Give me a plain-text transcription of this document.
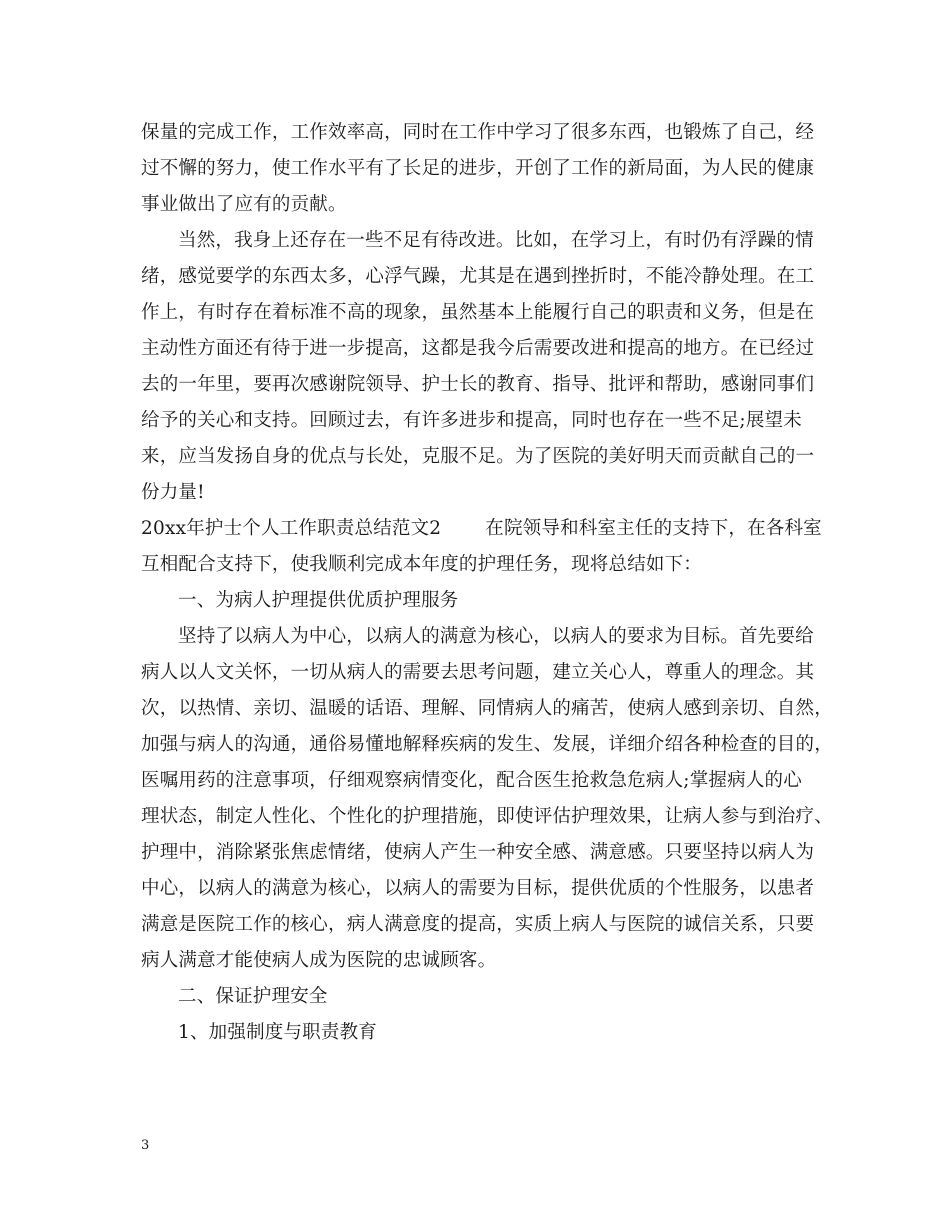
保量的完成工作，工作效率高，同时在工作中学习了很多东西，也锻炼了自己，经
过不懈的努力，使工作水平有了长足的进步，开创了工作的新局面，为人民的健康
事业做出了应有的贡献。
当然，我身上还存在一些不足有待改进。比如，在学习上，有时仍有浮躁的情
绪，感觉要学的东西太多，心浮气躁，尤其是在遇到挫折时，不能冷静处理。在工
作上，有时存在着标准不高的现象，虽然基本上能履行自己的职责和义务，但是在
主动性方面还有待于进一步提高，这都是我今后需要改进和提高的地方。在已经过
去的一年里，要再次感谢院领导、护士长的教育、指导、批评和帮助，感谢同事们
给予的关心和支持。回顾过去，有许多进步和提高，同时也存在一些不足;展望未
来，应当发扬自身的优点与长处，克服不足。为了医院的美好明天而贡献自己的一
份力量!
20xx年护士个人工作职责总结范文2 在院领导和科室主任的支持下，在各科室
互相配合支持下，使我顺利完成本年度的护理任务，现将总结如下：
一、为病人护理提供优质护理服务
坚持了以病人为中心，以病人的满意为核心，以病人的要求为目标。首先要给
病人以人文关怀，一切从病人的需要去思考问题，建立关心人，尊重人的理念。其
次，以热情、亲切、温暖的话语、理解、同情病人的痛苦，使病人感到亲切、自然，
加强与病人的沟通，通俗易懂地解释疾病的发生、发展，详细介绍各种检查的目的，
医嘱用药的注意事项，仔细观察病情变化，配合医生抢救急危病人;掌握病人的心
理状态，制定人性化、个性化的护理措施，即使评估护理效果，让病人参与到治疗、
护理中，消除紧张焦虑情绪，使病人产生一种安全感、满意感。只要坚持以病人为
中心，以病人的满意为核心，以病人的需要为目标，提供优质的个性服务，以患者
满意是医院工作的核心，病人满意度的提高，实质上病人与医院的诚信关系，只要
病人满意才能使病人成为医院的忠诚顾客。
二、保证护理安全
1、加强制度与职责教育
3
